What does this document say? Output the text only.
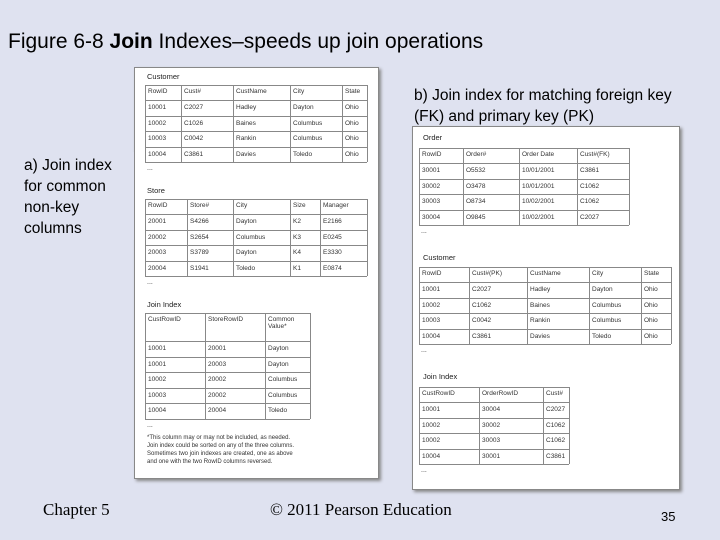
Figure 6-8 Join Indexes–speeds up join operations
Customer
RowID	Cust#	CustName	City	State
10001	C2027	Hadley	Dayton	Ohio
10002	C1026	Baines	Columbus	Ohio
10003	C0042	Rankin	Columbus	Ohio
10004	C3861	Davies	Toledo	Ohio
...
Store
RowID	Store#	City	Size	Manager
20001	S4266	Dayton	K2	E2166
20002	S2654	Columbus	K3	E0245
20003	S3789	Dayton	K4	E3330
20004	S1941	Toledo	K1	E0874
...
Join Index
CustRowID	StoreRowID	Common Value*
10001	20001	Dayton
10001	20003	Dayton
10002	20002	Columbus
10003	20002	Columbus
10004	20004	Toledo
...
*This column may or may not be included, as needed. Join index could be sorted on any of the three columns. Sometimes two join indexes are created, one as above and one with the two RowID columns reversed.
Order
RowID	Order#	Order Date	Cust#(FK)
30001	O5532	10/01/2001	C3861
30002	O3478	10/01/2001	C1062
30003	O8734	10/02/2001	C1062
30004	O9845	10/02/2001	C2027
...
Customer
RowID	Cust#(PK)	CustName	City	State
10001	C2027	Hadley	Dayton	Ohio
10002	C1062	Baines	Columbus	Ohio
10003	C0042	Rankin	Columbus	Ohio
10004	C3861	Davies	Toledo	Ohio
...
Join Index
CustRowID	OrderRowID	Cust#
10001	30004	C2027
10002	30002	C1062
10002	30003	C1062
10004	30001	C3861
...
a) Join index for common non-key columns
b) Join index for matching foreign key (FK) and primary key (PK)
Chapter 5	© 2011 Pearson Education	35
